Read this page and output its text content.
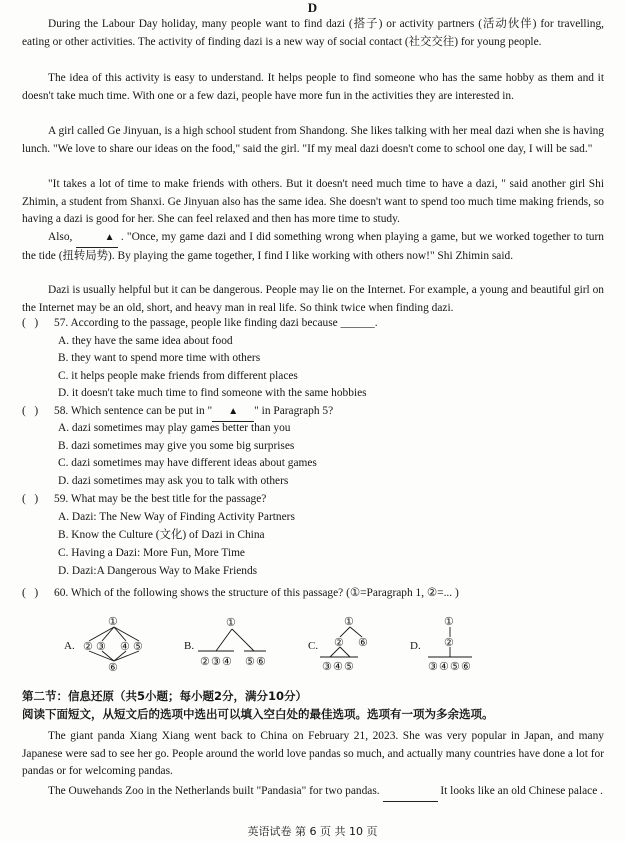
D
During the Labour Day holiday, many people want to find dazi (搭子) or activity partners (活动伙伴) for travelling, eating or other activities. The activity of finding dazi is a new way of social contact (社交交往) for young people.
The idea of this activity is easy to understand. It helps people to find someone who has the same hobby as them and it doesn't take much time. With one or a few dazi, people have more fun in the activities they are interested in.
A girl called Ge Jinyuan, is a high school student from Shandong. She likes talking with her meal dazi when she is having lunch. "We love to share our ideas on the food," said the girl. "If my meal dazi doesn't come to school one day, I will be sad."
"It takes a lot of time to make friends with others. But it doesn't need much time to have a dazi, " said another girl Shi Zhimin, a student from Shanxi. Ge Jinyuan also has the same idea. She doesn't want to spend too much time making friends, so having a dazi is good for her. She can feel relaxed and then has more time to study.
Also,	▲ . "Once, my game dazi and I did something wrong when playing a game, but we worked together to turn the tide (扭转局势). By playing the game together, I find I like working with others now!" Shi Zhimin said.
Dazi is usually helpful but it can be dangerous. People may lie on the Internet. For example, a young and beautiful girl on the Internet may be an old, short, and heavy man in real life. So think twice when finding dazi.
( ) 57. According to the passage, people like finding dazi because ______.
A. they have the same idea about food
B. they want to spend more time with others
C. it helps people make friends from different places
D. it doesn't take much time to find someone with the same hobbies
( ) 58. Which sentence can be put in " ▲ " in Paragraph 5?
A. dazi sometimes may play games better than you
B. dazi sometimes may give you some big surprises
C. dazi sometimes may have different ideas about games
D. dazi sometimes may ask you to talk with others
( ) 59. What may be the best title for the passage?
A. Dazi: The New Way of Finding Activity Partners
B. Know the Culture (文化) of Dazi in China
C. Having a Dazi: More Fun, More Time
D. Dazi:A Dangerous Way to Make Friends
( ) 60. Which of the following shows the structure of this passage? (①=Paragraph 1, ②=... )
A.
①
② ③ ④ ⑤
⑥
B.
①
② ③ ④ ⑤ ⑥
C.
①
② ⑥
③ ④ ⑤
D.
①
②
③ ④ ⑤ ⑥
第二节：信息还原（共5小题；每小题2分，满分10分）
阅读下面短文，从短文后的选项中选出可以填入空白处的最佳选项。选项有一项为多余选项。
The giant panda Xiang Xiang went back to China on February 21, 2023. She was very popular in Japan, and many Japanese were sad to see her go. People around the world love pandas so much, and actually many countries have done a lot for pandas or for welcoming pandas.
The Ouwehands Zoo in the Netherlands built "Pandasia" for two pandas.	It looks like an old Chinese palace .
英语试卷 第 6 页 共 10 页
